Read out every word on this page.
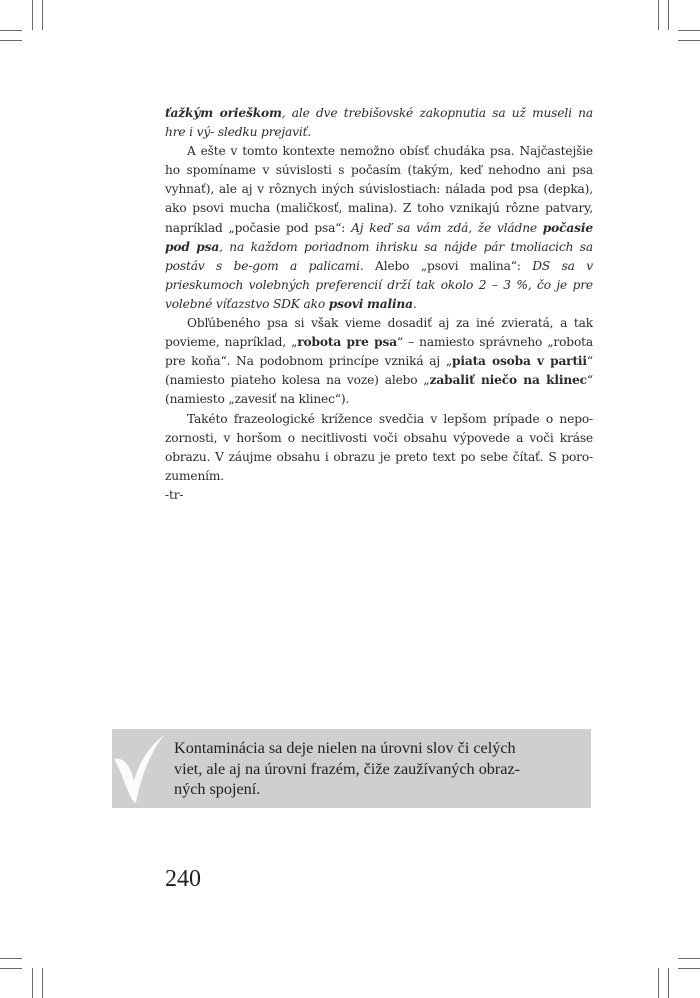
ťažkým orieškom, ale dve trebišovské zakopnutia sa už museli na hre i vý- sledku prejaviť.

A ešte v tomto kontexte nemožno obísť chudáka psa. Najčastejšie ho spomíname v súvislosti s počasím (takým, keď nehodno ani psa vyhnať), ale aj v rôznych iných súvislostiach: nálada pod psa (depka), ako psovi mucha (maličkosť, malina). Z toho vznikajú rôzne patvary, napríklad „počasie pod psa“: Aj keď sa vám zdá, že vládne počasie pod psa, na každom poriadnom ihrisku sa nájde pár tmoliacich sa postáv s be-gom a palicami. Alebo „psovi malina“: DS sa v prieskumoch volebných preferencií drží tak okolo 2 – 3 %, čo je pre volebné víťazstvo SDK ako psovi malina.

Obľúbeného psa si však vieme dosadiť aj za iné zvieratá, a tak povieme, napríklad, „robota pre psa“ – namiesto správneho „robota pre koňa“. Na podobnom princípe vzniká aj „piata osoba v partii“ (namiesto piateho kolesa na voze) alebo „zabaliť niečo na klinec“ (namiesto „zavesiť na klinec“).

Takéto frazeologické krížence svedčia v lepšom prípade o nepo-zornosti, v horšom o necitlivosti voči obsahu výpovede a voči kráse obrazu. V záujme obsahu i obrazu je preto text po sebe čítať. S poro-zumením.

-tr-

Kontaminácia sa deje nielen na úrovni slov či celých
viet, ale aj na úrovni frazém, čiže zaužívaných obraz-
ných spojení.
240
